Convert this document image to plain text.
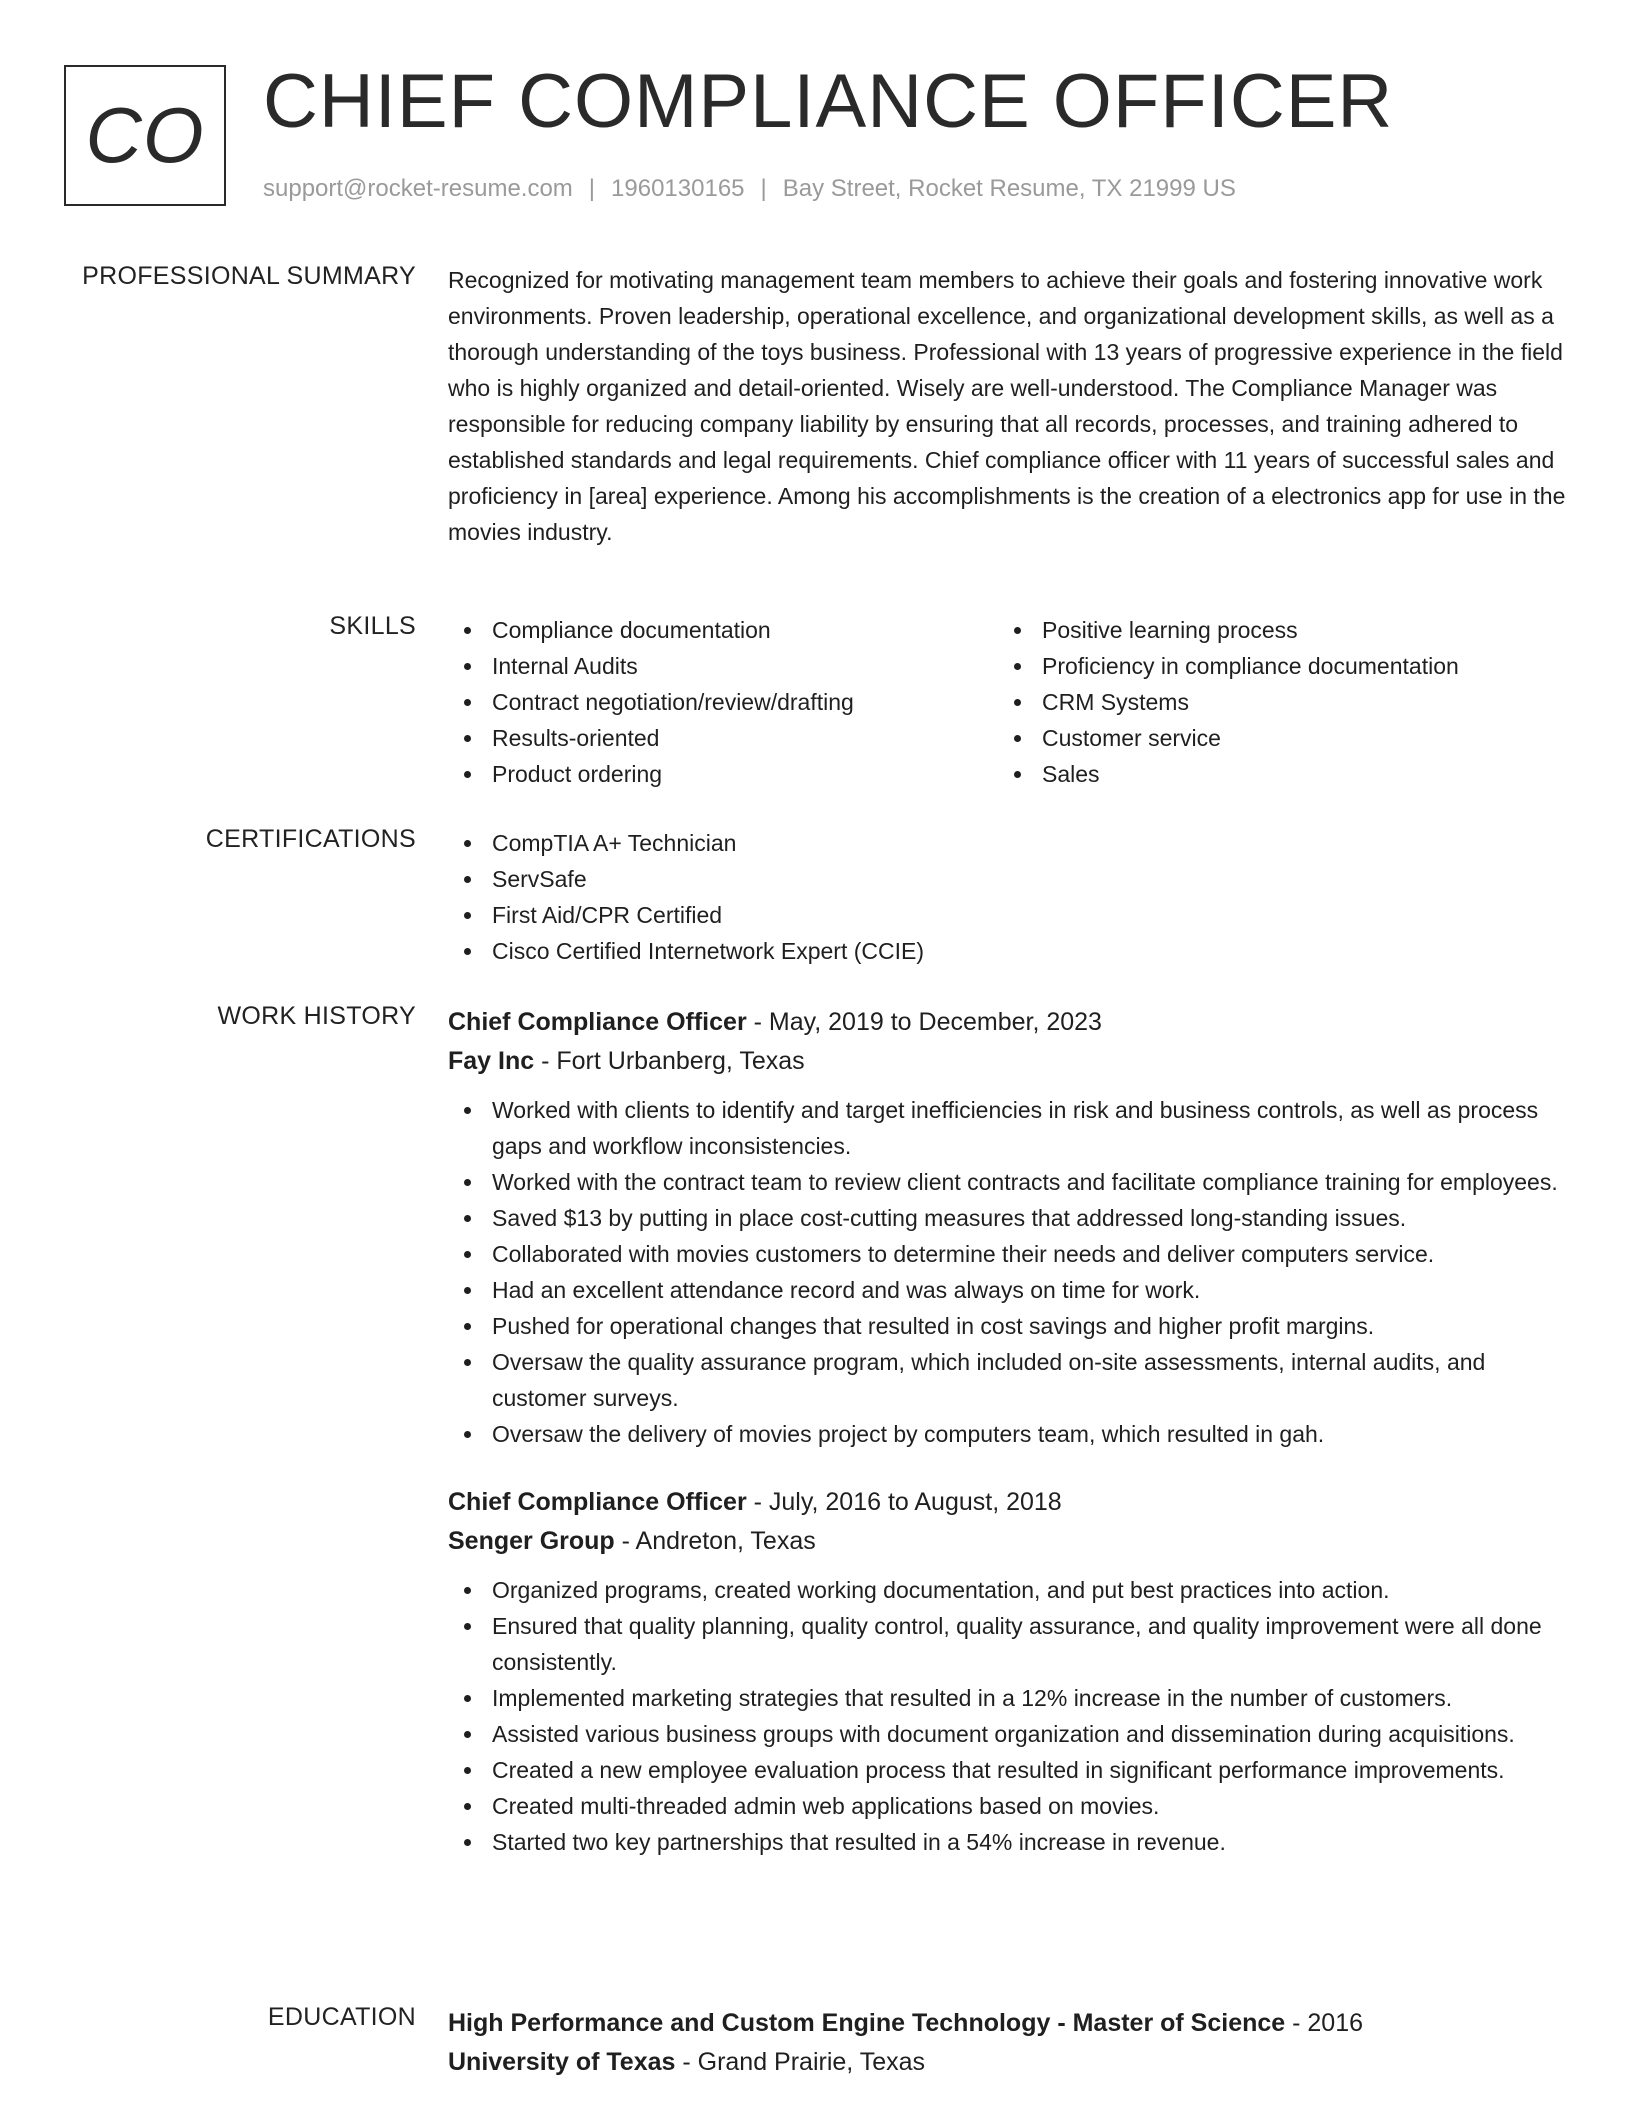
CO CHIEF COMPLIANCE OFFICER
support@rocket-resume.com | 1960130165 | Bay Street, Rocket Resume, TX 21999 US
PROFESSIONAL SUMMARY Recognized for motivating management team members to achieve their goals and fostering innovative work environments. Proven leadership, operational excellence, and organizational development skills, as well as a thorough understanding of the toys business. Professional with 13 years of progressive experience in the field who is highly organized and detail-oriented. Wisely are well-understood. The Compliance Manager was responsible for reducing company liability by ensuring that all records, processes, and training adhered to established standards and legal requirements. Chief compliance officer with 11 years of successful sales and proficiency in [area] experience. Among his accomplishments is the creation of a electronics app for use in the movies industry.

SKILLS	Compliance documentation
Internal Audits
Contract negotiation/review/drafting
Results-oriented
Product ordering
Positive learning process
Proficiency in compliance documentation
CRM Systems
Customer service
Sales
CERTIFICATIONS	CompTIA A+ Technician
ServSafe
First Aid/CPR Certified
Cisco Certified Internetwork Expert (CCIE)
WORK HISTORY Chief Compliance Officer - May, 2019 to December, 2023
Fay Inc - Fort Urbanberg, Texas
Worked with clients to identify and target inefficiencies in risk and business controls, as well as process gaps and workflow inconsistencies.
Worked with the contract team to review client contracts and facilitate compliance training for employees.
Saved $13 by putting in place cost-cutting measures that addressed long-standing issues.
Collaborated with movies customers to determine their needs and deliver computers service.
Had an excellent attendance record and was always on time for work.
Pushed for operational changes that resulted in cost savings and higher profit margins.
Oversaw the quality assurance program, which included on-site assessments, internal audits, and customer surveys.
Oversaw the delivery of movies project by computers team, which resulted in gah.
Chief Compliance Officer - July, 2016 to August, 2018
Senger Group - Andreton, Texas
Organized programs, created working documentation, and put best practices into action.
Ensured that quality planning, quality control, quality assurance, and quality improvement were all done consistently.
Implemented marketing strategies that resulted in a 12% increase in the number of customers.
Assisted various business groups with document organization and dissemination during acquisitions.
Created a new employee evaluation process that resulted in significant performance improvements.
Created multi-threaded admin web applications based on movies.
Started two key partnerships that resulted in a 54% increase in revenue.
EDUCATION High Performance and Custom Engine Technology - Master of Science - 2016
University of Texas - Grand Prairie, Texas
